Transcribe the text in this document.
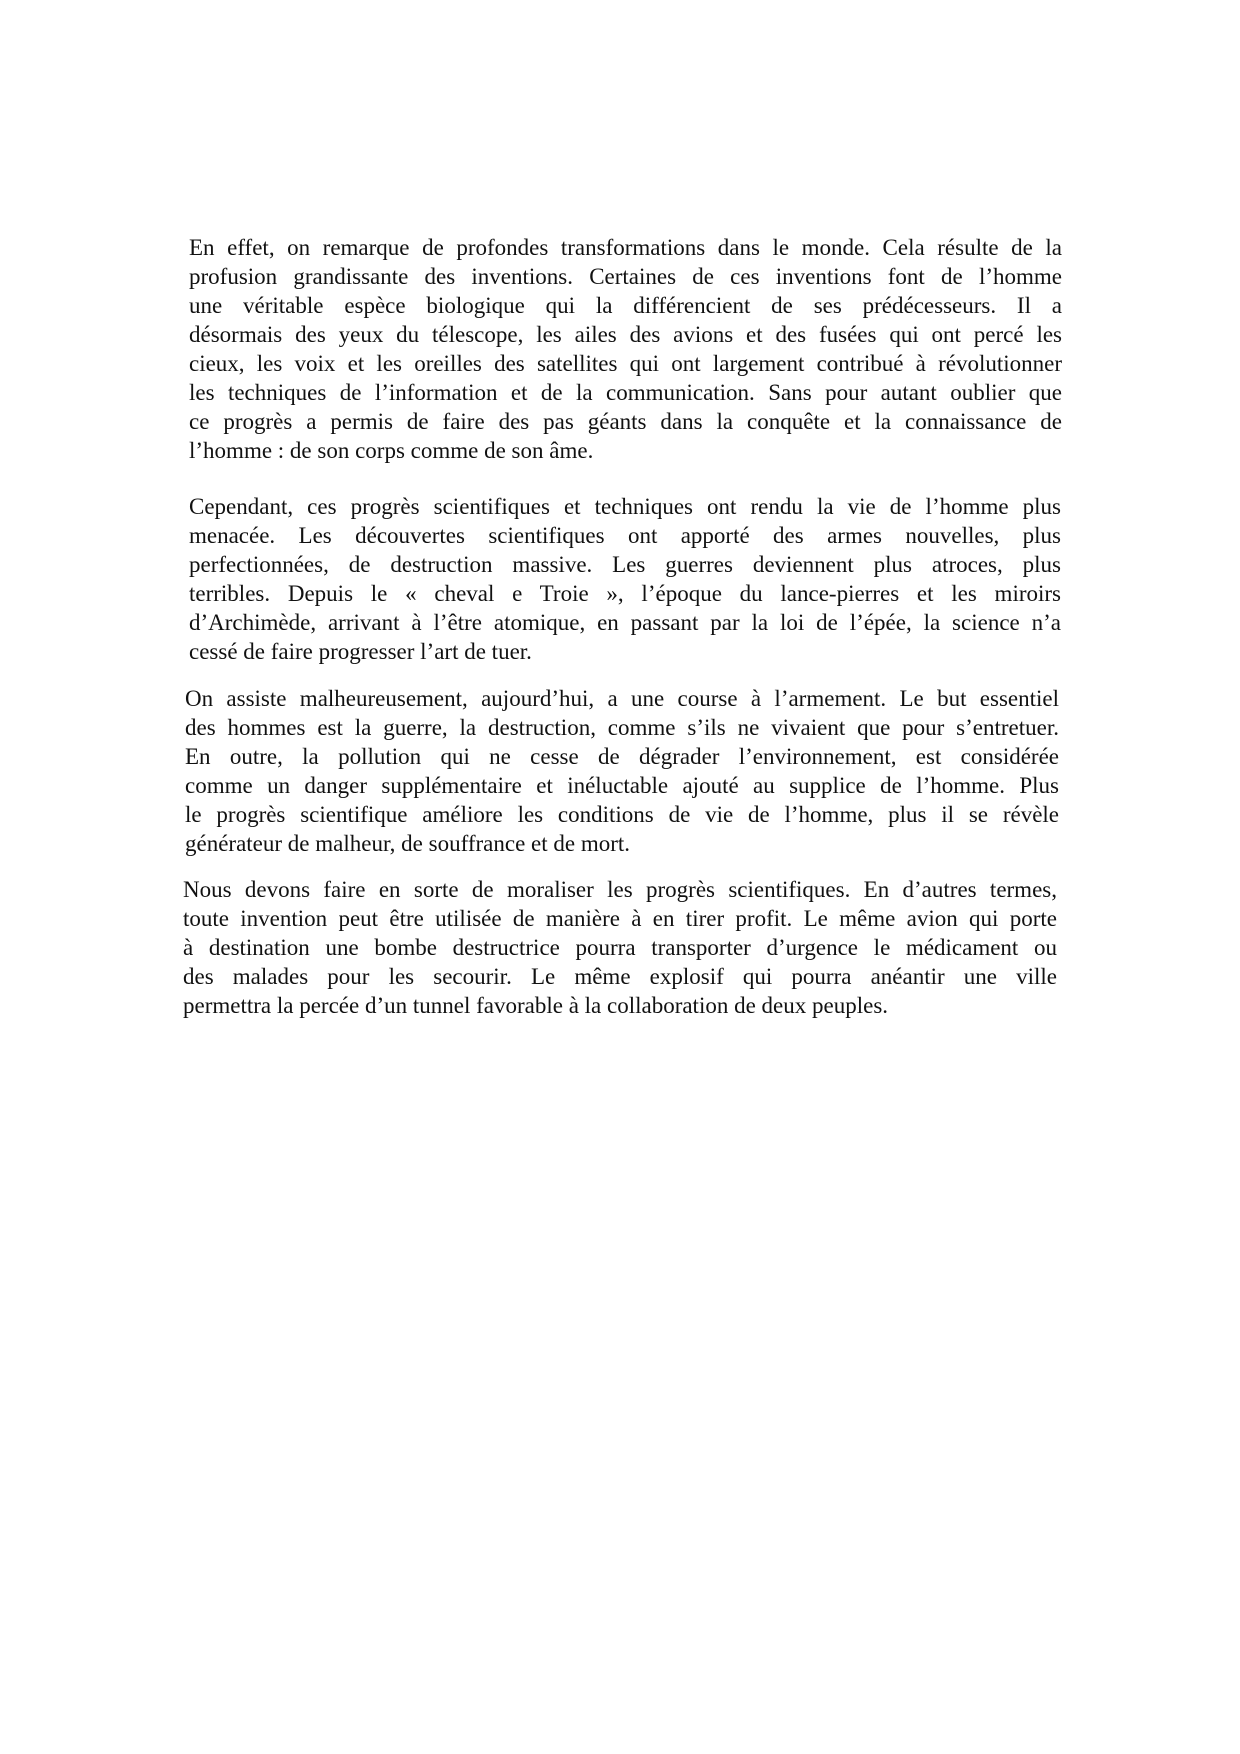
En effet, on remarque de profondes transformations dans le monde. Cela résulte de la
profusion grandissante des inventions. Certaines de ces inventions font de l’homme
une véritable espèce biologique qui la différencient de ses prédécesseurs. Il a
désormais des yeux du télescope, les ailes des avions et des fusées qui ont percé les
cieux, les voix et les oreilles des satellites qui ont largement contribué à révolutionner
les techniques de l’information et de la communication. Sans pour autant oublier que
ce progrès a permis de faire des pas géants dans la conquête et la connaissance de
l’homme : de son corps comme de son âme.
Cependant, ces progrès scientifiques et techniques ont rendu la vie de l’homme plus
menacée. Les découvertes scientifiques ont apporté des armes nouvelles, plus
perfectionnées, de destruction massive. Les guerres deviennent plus atroces, plus
terribles. Depuis le « cheval e Troie », l’époque du lance-pierres et les miroirs
d’Archimède, arrivant à l’être atomique, en passant par la loi de l’épée, la science n’a
cessé de faire progresser l’art de tuer.
On assiste malheureusement, aujourd’hui, a une course à l’armement. Le but essentiel
des hommes est la guerre, la destruction, comme s’ils ne vivaient que pour s’entretuer.
En outre, la pollution qui ne cesse de dégrader l’environnement, est considérée
comme un danger supplémentaire et inéluctable ajouté au supplice de l’homme. Plus
le progrès scientifique améliore les conditions de vie de l’homme, plus il se révèle
générateur de malheur, de souffrance et de mort.
Nous devons faire en sorte de moraliser les progrès scientifiques. En d’autres termes,
toute invention peut être utilisée de manière à en tirer profit. Le même avion qui porte
à destination une bombe destructrice pourra transporter d’urgence le médicament ou
des malades pour les secourir. Le même explosif qui pourra anéantir une ville
permettra la percée d’un tunnel favorable à la collaboration de deux peuples.
